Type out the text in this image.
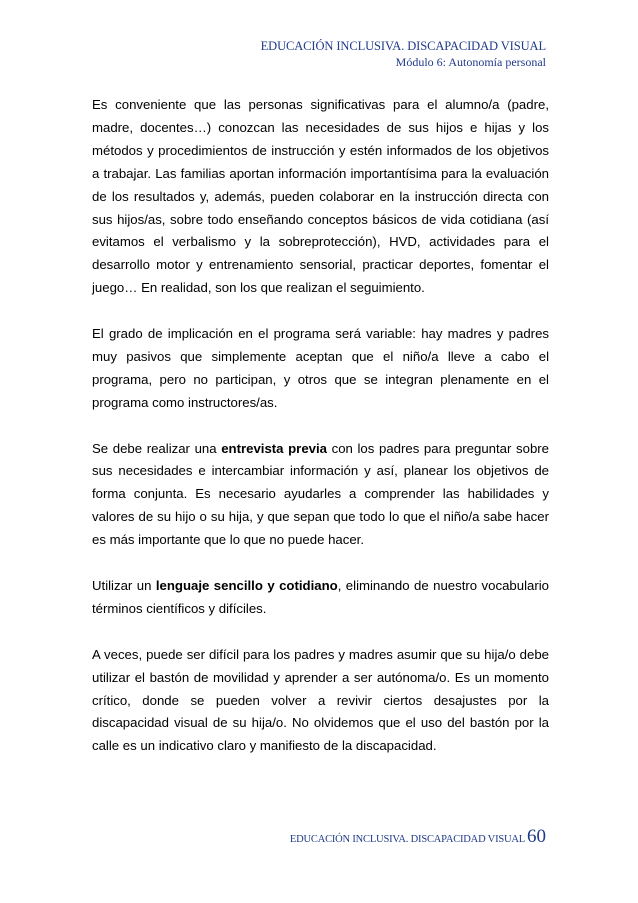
EDUCACIÓN INCLUSIVA. DISCAPACIDAD VISUAL
Módulo 6: Autonomía personal

Es conveniente que las personas significativas para el alumno/a (padre, madre, docentes…) conozcan las necesidades de sus hijos e hijas y los métodos y procedimientos de instrucción y estén informados de los objetivos a trabajar. Las familias aportan información importantísima para la evaluación de los resultados y, además, pueden colaborar en la instrucción directa con sus hijos/as, sobre todo enseñando conceptos básicos de vida cotidiana (así evitamos el verbalismo y la sobreprotección), HVD, actividades para el desarrollo motor y entrenamiento sensorial, practicar deportes, fomentar el juego… En realidad, son los que realizan el seguimiento.

El grado de implicación en el programa será variable: hay madres y padres muy pasivos que simplemente aceptan que el niño/a lleve a cabo el programa, pero no participan, y otros que se integran plenamente en el programa como instructores/as.

Se debe realizar una entrevista previa con los padres para preguntar sobre sus necesidades e intercambiar información y así, planear los objetivos de forma conjunta. Es necesario ayudarles a comprender las habilidades y valores de su hijo o su hija, y que sepan que todo lo que el niño/a sabe hacer es más importante que lo que no puede hacer.

Utilizar un lenguaje sencillo y cotidiano, eliminando de nuestro vocabulario términos científicos y difíciles.

A veces, puede ser difícil para los padres y madres asumir que su hija/o debe utilizar el bastón de movilidad y aprender a ser autónoma/o. Es un momento crítico, donde se pueden volver a revivir ciertos desajustes por la discapacidad visual de su hija/o. No olvidemos que el uso del bastón por la calle es un indicativo claro y manifiesto de la discapacidad.

EDUCACIÓN INCLUSIVA. DISCAPACIDAD VISUAL 60
